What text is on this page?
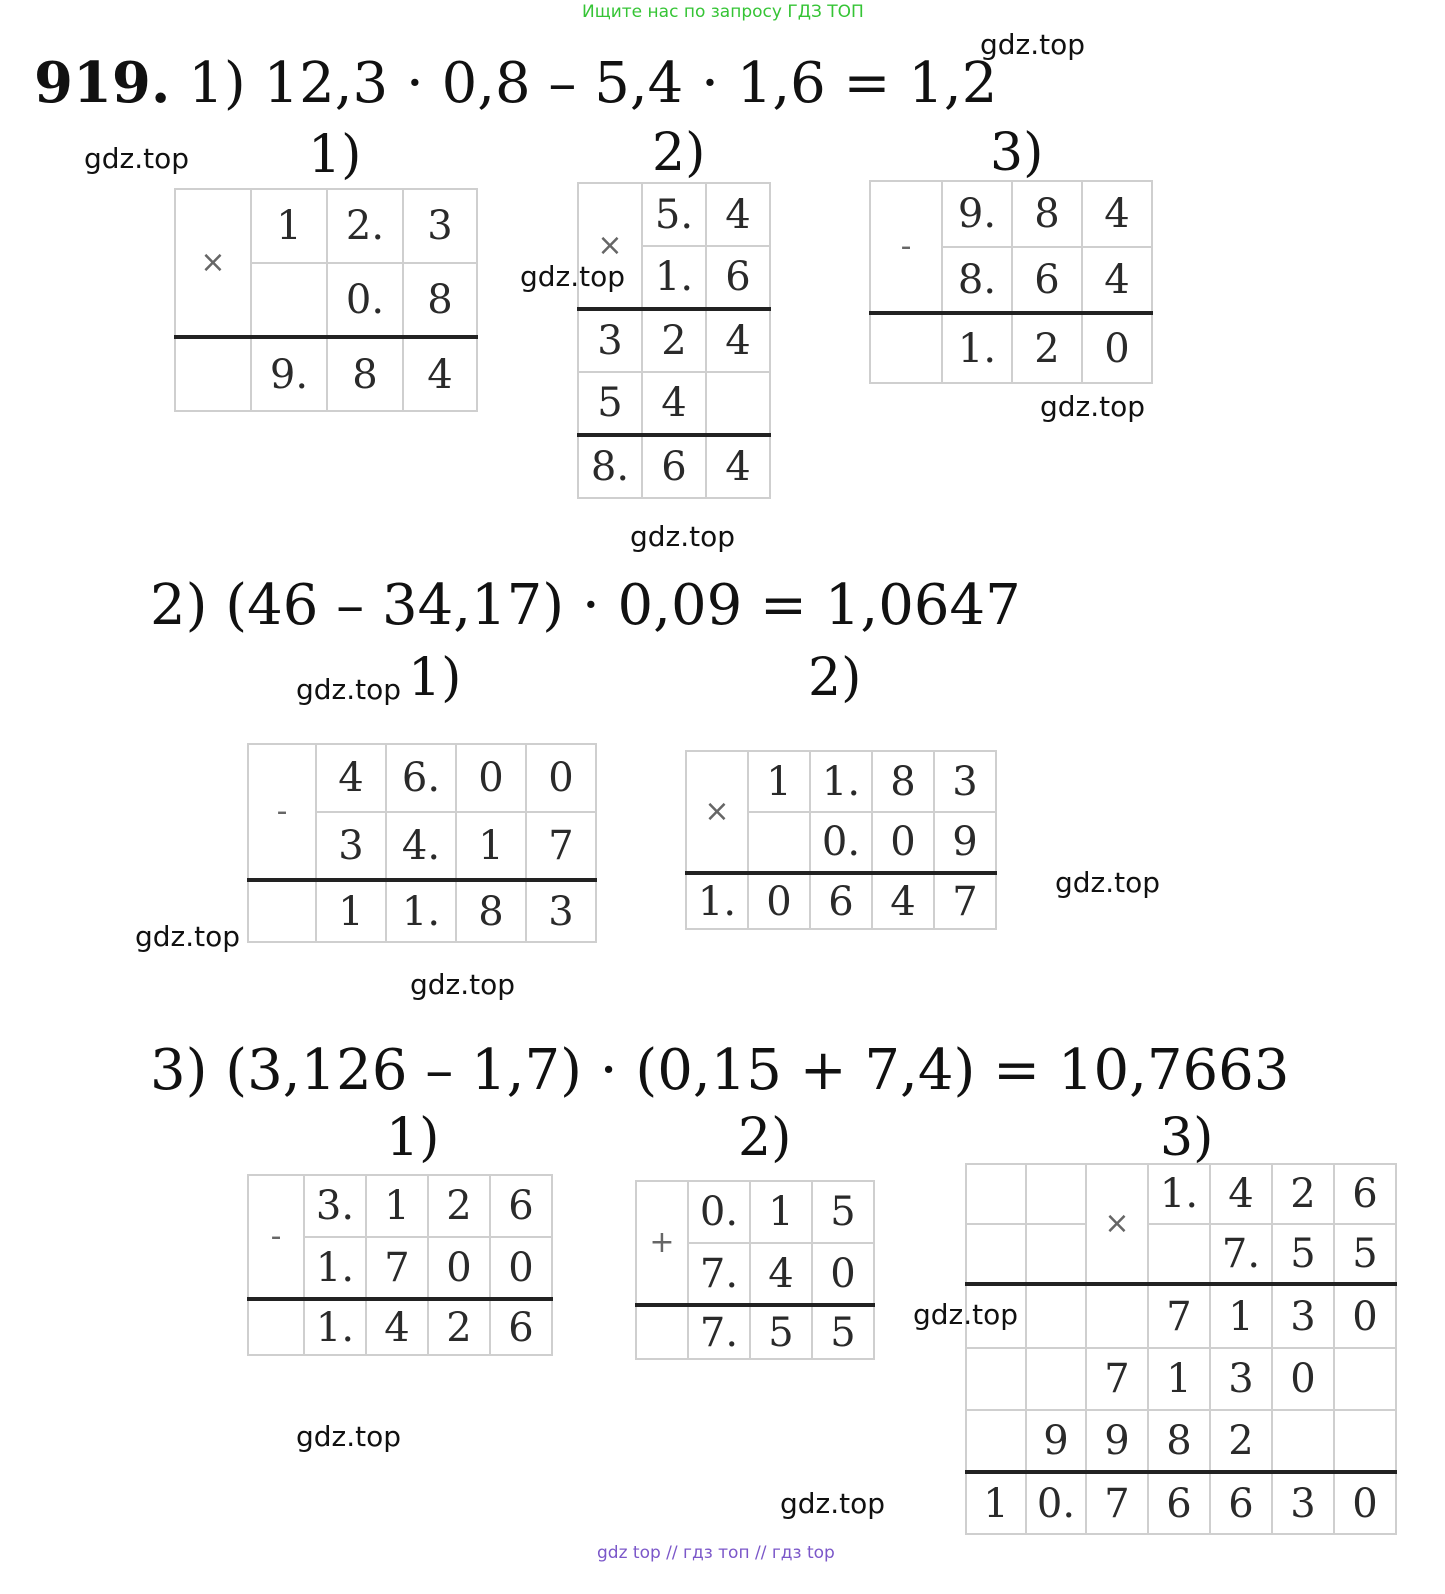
Ищите нас по запросу ГДЗ ТОП
919. 1) 12,3 · 0,8 – 5,4 · 1,6 = 1,2
1)	2)	3)
×	1	2.	3
		0.	8
	9.	8	4
×	5.	4
	1.	6
3	2	4
5	4	
8.	6	4
-	9.	8	4
	8.	6	4
	1.	2	0
2) (46 – 34,17) · 0,09 = 1,0647
1)	2)
-	4	6.	0	0
	3	4.	1	7
	1	1.	8	3
×	1	1.	8	3
		0.	0	9
1.	0	6	4	7
3) (3,126 – 1,7) · (0,15 + 7,4) = 10,7663
1)	2)	3)
-	3.	1	2	6
	1.	7	0	0
	1.	4	2	6
+	0.	1	5
	7.	4	0
	7.	5	5
		×	1.	4	2	6
				7.	5	5
			7	1	3	0
		7	1	3	0	
	9	9	8	2		
1	0.	7	6	6	3	0
gdz.top
gdz.top
gdz.top
gdz.top
gdz.top
gdz.top
gdz.top
gdz.top
gdz.top
gdz.top
gdz.top
gdz.top
gdz top // гдз топ // гдз top
